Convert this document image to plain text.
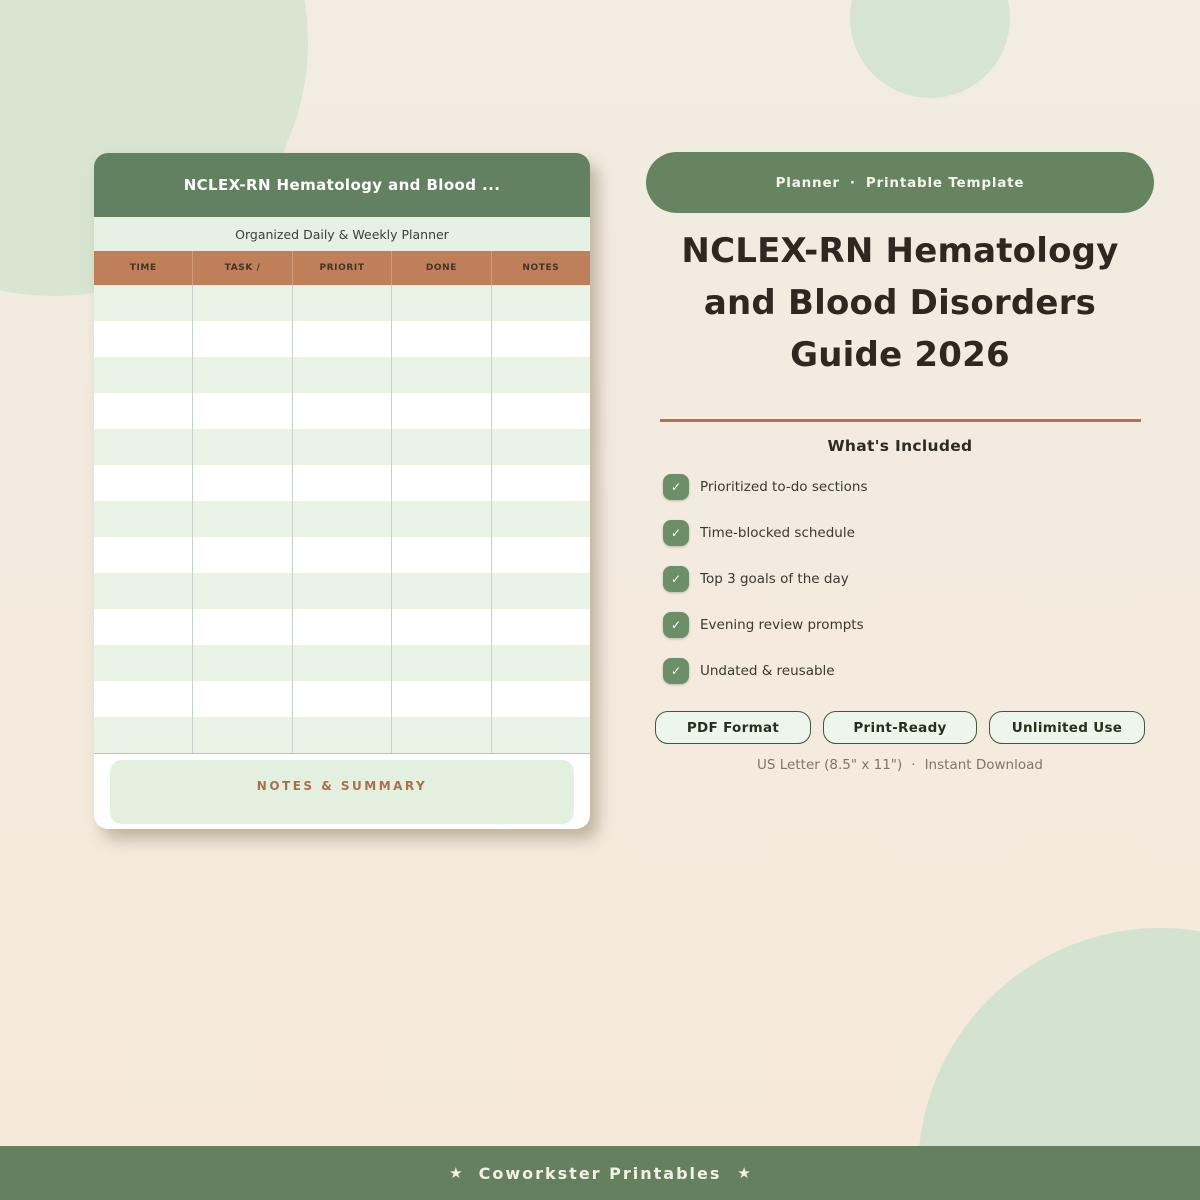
NCLEX-RN Hematology and Blood ...
Organized Daily & Weekly Planner
TIME	TASK /	PRIORIT	DONE	NOTES
NOTES & SUMMARY
Planner · Printable Template
NCLEX-RN Hematology
and Blood Disorders
Guide 2026
What's Included
✓	Prioritized to-do sections
✓	Time-blocked schedule
✓	Top 3 goals of the day
✓	Evening review prompts
✓	Undated & reusable
PDF Format	Print-Ready	Unlimited Use
US Letter (8.5" x 11") · Instant Download
★ Coworkster Printables ★
